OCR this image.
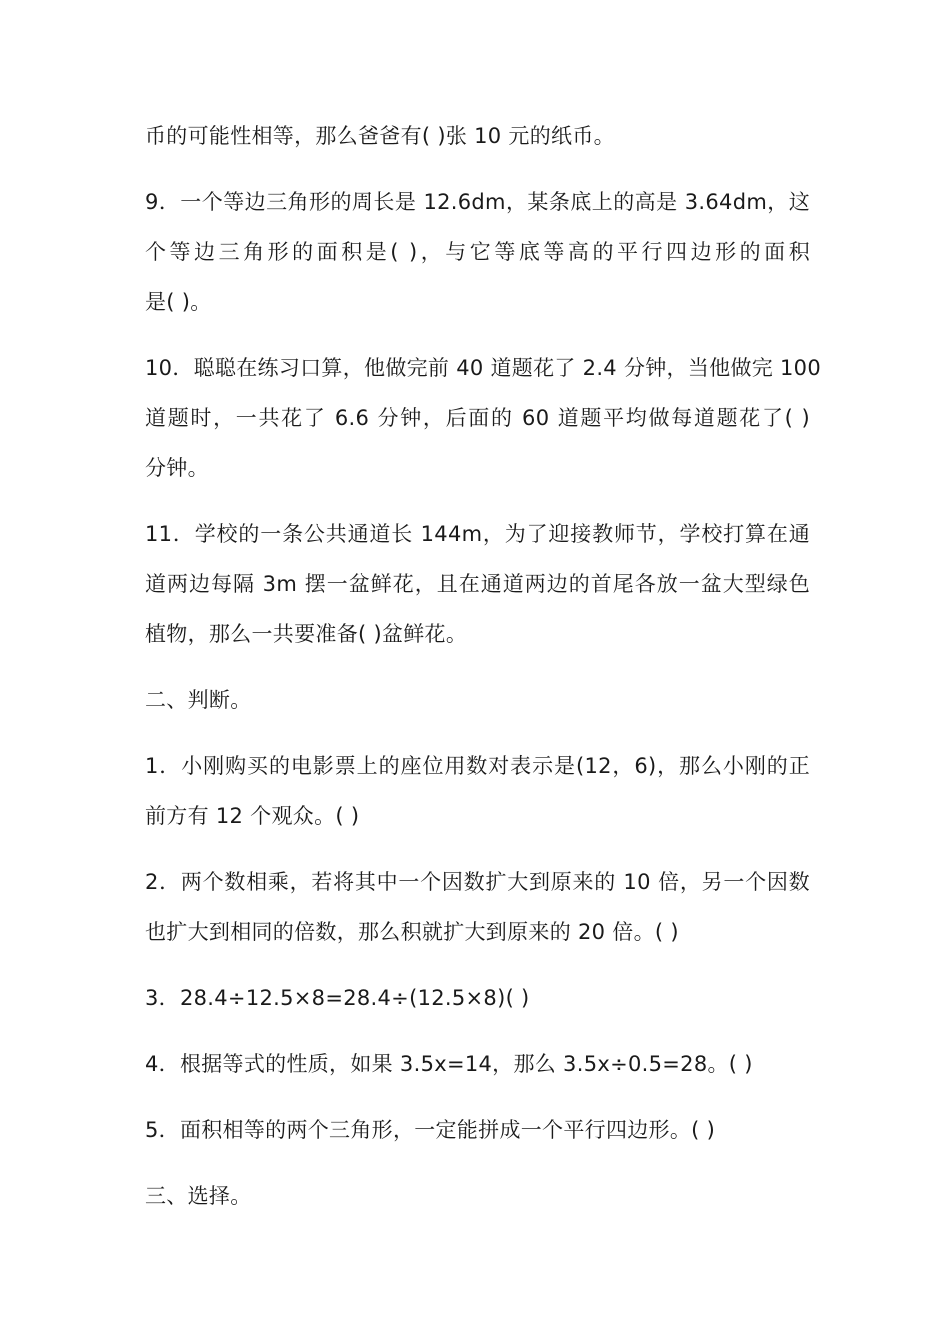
币的可能性相等，那么爸爸有( )张 10 元的纸币。
9．一个等边三角形的周长是 12.6dm，某条底上的高是 3.64dm，这
个等边三角形的面积是( )，与它等底等高的平行四边形的面积
是( )。
10．聪聪在练习口算，他做完前 40 道题花了 2.4 分钟，当他做完 100
道题时，一共花了 6.6 分钟，后面的 60 道题平均做每道题花了( )
分钟。
11．学校的一条公共通道长 144m，为了迎接教师节，学校打算在通
道两边每隔 3m 摆一盆鲜花，且在通道两边的首尾各放一盆大型绿色
植物，那么一共要准备( )盆鲜花。
二、判断。
1．小刚购买的电影票上的座位用数对表示是(12，6)，那么小刚的正
前方有 12 个观众。( )
2．两个数相乘，若将其中一个因数扩大到原来的 10 倍，另一个因数
也扩大到相同的倍数，那么积就扩大到原来的 20 倍。( )
3．28.4÷12.5×8=28.4÷(12.5×8)( )
4．根据等式的性质，如果 3.5x=14，那么 3.5x÷0.5=28。( )
5．面积相等的两个三角形，一定能拼成一个平行四边形。( )
三、选择。
